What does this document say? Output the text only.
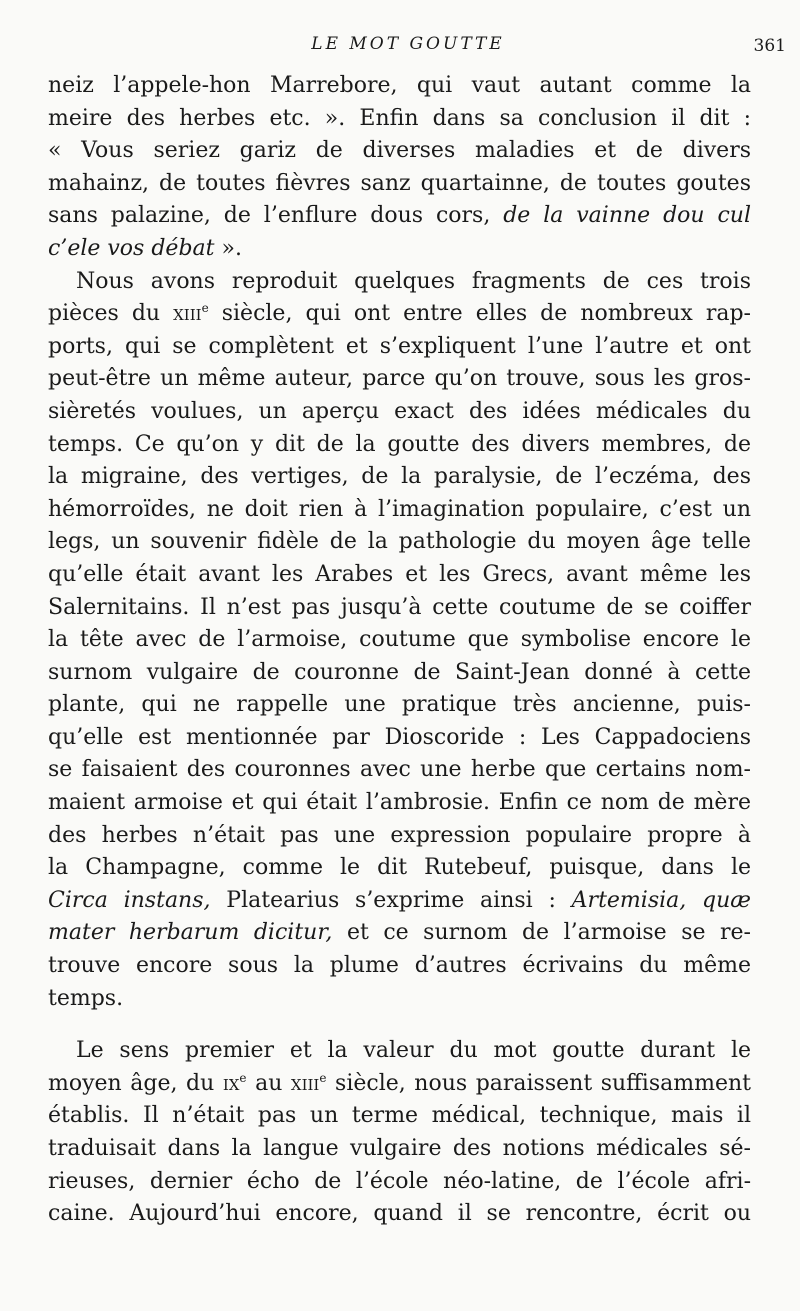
LE MOT GOUTTE	361
neiz l’appele-hon Marrebore, qui vaut autant comme la
meire des herbes etc. ». Enfin dans sa conclusion il dit :
« Vous seriez gariz de diverses maladies et de divers
mahainz, de toutes fièvres sanz quartainne, de toutes goutes
sans palazine, de l’enflure dous cors, de la vainne dou cul
c’ele vos débat ».
Nous avons reproduit quelques fragments de ces trois
pièces du xiii$^e$ siècle, qui ont entre elles de nombreux rap-
ports, qui se complètent et s’expliquent l’une l’autre et ont
peut-être un même auteur, parce qu’on trouve, sous les gros-
sièretés voulues, un aperçu exact des idées médicales du
temps. Ce qu’on y dit de la goutte des divers membres, de
la migraine, des vertiges, de la paralysie, de l’eczéma, des
hémorroïdes, ne doit rien à l’imagination populaire, c’est un
legs, un souvenir fidèle de la pathologie du moyen âge telle
qu’elle était avant les Arabes et les Grecs, avant même les
Salernitains. Il n’est pas jusqu’à cette coutume de se coiffer
la tête avec de l’armoise, coutume que symbolise encore le
surnom vulgaire de couronne de Saint-Jean donné à cette
plante, qui ne rappelle une pratique très ancienne, puis-
qu’elle est mentionnée par Dioscoride : Les Cappadociens
se faisaient des couronnes avec une herbe que certains nom-
maient armoise et qui était l’ambrosie. Enfin ce nom de mère
des herbes n’était pas une expression populaire propre à
la Champagne, comme le dit Rutebeuf, puisque, dans le
Circa instans, Platearius s’exprime ainsi : Artemisia, quæ
mater herbarum dicitur, et ce surnom de l’armoise se re-
trouve encore sous la plume d’autres écrivains du même
temps.
Le sens premier et la valeur du mot goutte durant le
moyen âge, du $ix^e$ au xiii$^e$ siècle, nous paraissent suffisamment
établis. Il n’était pas un terme médical, technique, mais il
traduisait dans la langue vulgaire des notions médicales sé-
rieuses, dernier écho de l’école néo-latine, de l’école afri-
caine. Aujourd’hui encore, quand il se rencontre, écrit ou
